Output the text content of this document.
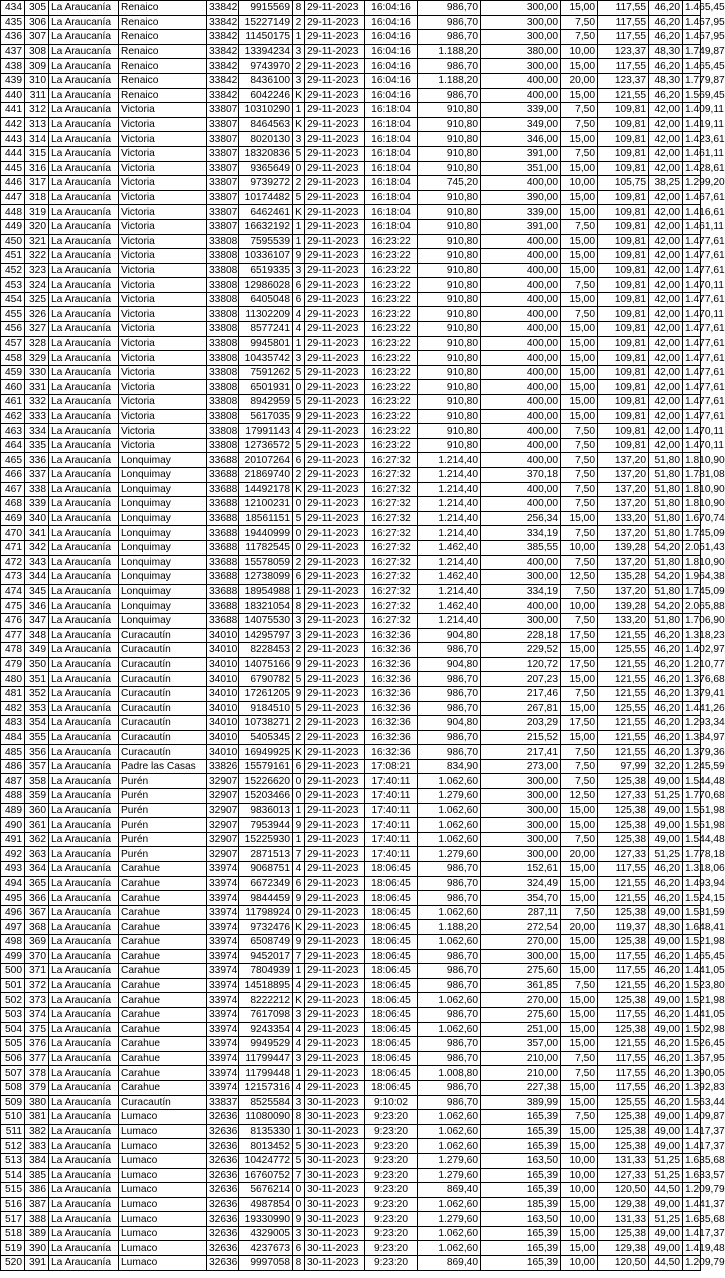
434	305	La Araucanía	Renaico	33842	9915569	8	29-11-2023	16:04:16	986,70	300,00	15,00	117,55	46,20	1.465,45
435	306	La Araucanía	Renaico	33842	15227149	2	29-11-2023	16:04:16	986,70	300,00	7,50	117,55	46,20	1.457,95
436	307	La Araucanía	Renaico	33842	11450175	1	29-11-2023	16:04:16	986,70	300,00	7,50	117,55	46,20	1.457,95
437	308	La Araucanía	Renaico	33842	13394234	3	29-11-2023	16:04:16	1.188,20	380,00	10,00	123,37	48,30	1.749,87
438	309	La Araucanía	Renaico	33842	9743970	2	29-11-2023	16:04:16	986,70	300,00	15,00	117,55	46,20	1.465,45
439	310	La Araucanía	Renaico	33842	8436100	3	29-11-2023	16:04:16	1.188,20	400,00	20,00	123,37	48,30	1.779,87
440	311	La Araucanía	Renaico	33842	6042246	K	29-11-2023	16:04:16	986,70	400,00	15,00	121,55	46,20	1.569,45
441	312	La Araucanía	Victoria	33807	10310290	1	29-11-2023	16:18:04	910,80	339,00	7,50	109,81	42,00	1.409,11
442	313	La Araucanía	Victoria	33807	8464563	K	29-11-2023	16:18:04	910,80	349,00	7,50	109,81	42,00	1.419,11
443	314	La Araucanía	Victoria	33807	8020130	3	29-11-2023	16:18:04	910,80	346,00	15,00	109,81	42,00	1.423,61
444	315	La Araucanía	Victoria	33807	18320836	5	29-11-2023	16:18:04	910,80	391,00	7,50	109,81	42,00	1.461,11
445	316	La Araucanía	Victoria	33807	9365649	0	29-11-2023	16:18:04	910,80	351,00	15,00	109,81	42,00	1.428,61
446	317	La Araucanía	Victoria	33807	9739272	2	29-11-2023	16:18:04	745,20	400,00	10,00	105,75	38,25	1.299,20
447	318	La Araucanía	Victoria	33807	10174482	5	29-11-2023	16:18:04	910,80	390,00	15,00	109,81	42,00	1.467,61
448	319	La Araucanía	Victoria	33807	6462461	K	29-11-2023	16:18:04	910,80	339,00	15,00	109,81	42,00	1.416,61
449	320	La Araucanía	Victoria	33807	16632192	1	29-11-2023	16:18:04	910,80	391,00	7,50	109,81	42,00	1.461,11
450	321	La Araucanía	Victoria	33808	7595539	1	29-11-2023	16:23:22	910,80	400,00	15,00	109,81	42,00	1.477,61
451	322	La Araucanía	Victoria	33808	10336107	9	29-11-2023	16:23:22	910,80	400,00	15,00	109,81	42,00	1.477,61
452	323	La Araucanía	Victoria	33808	6519335	3	29-11-2023	16:23:22	910,80	400,00	15,00	109,81	42,00	1.477,61
453	324	La Araucanía	Victoria	33808	12986028	6	29-11-2023	16:23:22	910,80	400,00	7,50	109,81	42,00	1.470,11
454	325	La Araucanía	Victoria	33808	6405048	6	29-11-2023	16:23:22	910,80	400,00	15,00	109,81	42,00	1.477,61
455	326	La Araucanía	Victoria	33808	11302209	4	29-11-2023	16:23:22	910,80	400,00	7,50	109,81	42,00	1.470,11
456	327	La Araucanía	Victoria	33808	8577241	4	29-11-2023	16:23:22	910,80	400,00	15,00	109,81	42,00	1.477,61
457	328	La Araucanía	Victoria	33808	9945801	1	29-11-2023	16:23:22	910,80	400,00	15,00	109,81	42,00	1.477,61
458	329	La Araucanía	Victoria	33808	10435742	3	29-11-2023	16:23:22	910,80	400,00	15,00	109,81	42,00	1.477,61
459	330	La Araucanía	Victoria	33808	7591262	5	29-11-2023	16:23:22	910,80	400,00	15,00	109,81	42,00	1.477,61
460	331	La Araucanía	Victoria	33808	6501931	0	29-11-2023	16:23:22	910,80	400,00	15,00	109,81	42,00	1.477,61
461	332	La Araucanía	Victoria	33808	8942959	5	29-11-2023	16:23:22	910,80	400,00	15,00	109,81	42,00	1.477,61
462	333	La Araucanía	Victoria	33808	5617035	9	29-11-2023	16:23:22	910,80	400,00	15,00	109,81	42,00	1.477,61
463	334	La Araucanía	Victoria	33808	17991143	4	29-11-2023	16:23:22	910,80	400,00	7,50	109,81	42,00	1.470,11
464	335	La Araucanía	Victoria	33808	12736572	5	29-11-2023	16:23:22	910,80	400,00	7,50	109,81	42,00	1.470,11
465	336	La Araucanía	Lonquimay	33688	20107264	6	29-11-2023	16:27:32	1.214,40	400,00	7,50	137,20	51,80	1.810,90
466	337	La Araucanía	Lonquimay	33688	21869740	2	29-11-2023	16:27:32	1.214,40	370,18	7,50	137,20	51,80	1.781,08
467	338	La Araucanía	Lonquimay	33688	14492178	K	29-11-2023	16:27:32	1.214,40	400,00	7,50	137,20	51,80	1.810,90
468	339	La Araucanía	Lonquimay	33688	12100231	0	29-11-2023	16:27:32	1.214,40	400,00	7,50	137,20	51,80	1.810,90
469	340	La Araucanía	Lonquimay	33688	18561151	5	29-11-2023	16:27:32	1.214,40	256,34	15,00	133,20	51,80	1.670,74
470	341	La Araucanía	Lonquimay	33688	19440999	0	29-11-2023	16:27:32	1.214,40	334,19	7,50	137,20	51,80	1.745,09
471	342	La Araucanía	Lonquimay	33688	11782545	0	29-11-2023	16:27:32	1.462,40	385,55	10,00	139,28	54,20	2.051,43
472	343	La Araucanía	Lonquimay	33688	15578059	2	29-11-2023	16:27:32	1.214,40	400,00	7,50	137,20	51,80	1.810,90
473	344	La Araucanía	Lonquimay	33688	12738099	6	29-11-2023	16:27:32	1.462,40	300,00	12,50	135,28	54,20	1.964,38
474	345	La Araucanía	Lonquimay	33688	18954988	1	29-11-2023	16:27:32	1.214,40	334,19	7,50	137,20	51,80	1.745,09
475	346	La Araucanía	Lonquimay	33688	18321054	8	29-11-2023	16:27:32	1.462,40	400,00	10,00	139,28	54,20	2.065,88
476	347	La Araucanía	Lonquimay	33688	14075530	3	29-11-2023	16:27:32	1.214,40	300,00	7,50	133,20	51,80	1.706,90
477	348	La Araucanía	Curacautín	34010	14295797	3	29-11-2023	16:32:36	904,80	228,18	17,50	121,55	46,20	1.318,23
478	349	La Araucanía	Curacautín	34010	8228453	2	29-11-2023	16:32:36	986,70	229,52	15,00	125,55	46,20	1.402,97
479	350	La Araucanía	Curacautín	34010	14075166	9	29-11-2023	16:32:36	904,80	120,72	17,50	121,55	46,20	1.210,77
480	351	La Araucanía	Curacautín	34010	6790782	5	29-11-2023	16:32:36	986,70	207,23	15,00	121,55	46,20	1.376,68
481	352	La Araucanía	Curacautín	34010	17261205	9	29-11-2023	16:32:36	986,70	217,46	7,50	121,55	46,20	1.379,41
482	353	La Araucanía	Curacautín	34010	9184510	5	29-11-2023	16:32:36	986,70	267,81	15,00	125,55	46,20	1.441,26
483	354	La Araucanía	Curacautín	34010	10738271	2	29-11-2023	16:32:36	904,80	203,29	17,50	121,55	46,20	1.293,34
484	355	La Araucanía	Curacautín	34010	5405345	2	29-11-2023	16:32:36	986,70	215,52	15,00	121,55	46,20	1.384,97
485	356	La Araucanía	Curacautín	34010	16949925	K	29-11-2023	16:32:36	986,70	217,41	7,50	121,55	46,20	1.379,36
486	357	La Araucanía	Padre las Casas	33826	15579161	6	29-11-2023	17:08:21	834,90	273,00	7,50	97,99	32,20	1.245,59
487	358	La Araucanía	Purén	32907	15226620	0	29-11-2023	17:40:11	1.062,60	300,00	7,50	125,38	49,00	1.544,48
488	359	La Araucanía	Purén	32907	15203466	0	29-11-2023	17:40:11	1.279,60	300,00	12,50	127,33	51,25	1.770,68
489	360	La Araucanía	Purén	32907	9836013	1	29-11-2023	17:40:11	1.062,60	300,00	15,00	125,38	49,00	1.551,98
490	361	La Araucanía	Purén	32907	7953944	9	29-11-2023	17:40:11	1.062,60	300,00	15,00	125,38	49,00	1.551,98
491	362	La Araucanía	Purén	32907	15225930	1	29-11-2023	17:40:11	1.062,60	300,00	7,50	125,38	49,00	1.544,48
492	363	La Araucanía	Purén	32907	2871513	7	29-11-2023	17:40:11	1.279,60	300,00	20,00	127,33	51,25	1.778,18
493	364	La Araucanía	Carahue	33974	9068751	4	29-11-2023	18:06:45	986,70	152,61	15,00	117,55	46,20	1.318,06
494	365	La Araucanía	Carahue	33974	6672349	6	29-11-2023	18:06:45	986,70	324,49	15,00	121,55	46,20	1.493,94
495	366	La Araucanía	Carahue	33974	9844459	9	29-11-2023	18:06:45	986,70	354,70	15,00	121,55	46,20	1.524,15
496	367	La Araucanía	Carahue	33974	11798924	0	29-11-2023	18:06:45	1.062,60	287,11	7,50	125,38	49,00	1.531,59
497	368	La Araucanía	Carahue	33974	9732476	K	29-11-2023	18:06:45	1.188,20	272,54	20,00	119,37	48,30	1.648,41
498	369	La Araucanía	Carahue	33974	6508749	9	29-11-2023	18:06:45	1.062,60	270,00	15,00	125,38	49,00	1.521,98
499	370	La Araucanía	Carahue	33974	9452017	7	29-11-2023	18:06:45	986,70	300,00	15,00	117,55	46,20	1.465,45
500	371	La Araucanía	Carahue	33974	7804939	1	29-11-2023	18:06:45	986,70	275,60	15,00	117,55	46,20	1.441,05
501	372	La Araucanía	Carahue	33974	14518895	4	29-11-2023	18:06:45	986,70	361,85	7,50	121,55	46,20	1.523,80
502	373	La Araucanía	Carahue	33974	8222212	K	29-11-2023	18:06:45	1.062,60	270,00	15,00	125,38	49,00	1.521,98
503	374	La Araucanía	Carahue	33974	7617098	3	29-11-2023	18:06:45	986,70	275,60	15,00	117,55	46,20	1.441,05
504	375	La Araucanía	Carahue	33974	9243354	4	29-11-2023	18:06:45	1.062,60	251,00	15,00	125,38	49,00	1.502,98
505	376	La Araucanía	Carahue	33974	9949529	4	29-11-2023	18:06:45	986,70	357,00	15,00	121,55	46,20	1.526,45
506	377	La Araucanía	Carahue	33974	11799447	3	29-11-2023	18:06:45	986,70	210,00	7,50	117,55	46,20	1.367,95
507	378	La Araucanía	Carahue	33974	11799448	1	29-11-2023	18:06:45	1.008,80	210,00	7,50	117,55	46,20	1.390,05
508	379	La Araucanía	Carahue	33974	12157316	4	29-11-2023	18:06:45	986,70	227,38	15,00	117,55	46,20	1.392,83
509	380	La Araucanía	Curacautín	33837	8525584	3	30-11-2023	9:10:02	986,70	389,99	15,00	125,55	46,20	1.563,44
510	381	La Araucanía	Lumaco	32636	11080090	8	30-11-2023	9:23:20	1.062,60	165,39	7,50	125,38	49,00	1.409,87
511	382	La Araucanía	Lumaco	32636	8135330	1	30-11-2023	9:23:20	1.062,60	165,39	15,00	125,38	49,00	1.417,37
512	383	La Araucanía	Lumaco	32636	8013452	5	30-11-2023	9:23:20	1.062,60	165,39	15,00	125,38	49,00	1.417,37
513	384	La Araucanía	Lumaco	32636	10424772	5	30-11-2023	9:23:20	1.279,60	163,50	10,00	131,33	51,25	1.635,68
514	385	La Araucanía	Lumaco	32636	16760752	7	30-11-2023	9:23:20	1.279,60	165,39	10,00	127,33	51,25	1.633,57
515	386	La Araucanía	Lumaco	32636	5676214	0	30-11-2023	9:23:20	869,40	165,39	10,00	120,50	44,50	1.209,79
516	387	La Araucanía	Lumaco	32636	4987854	0	30-11-2023	9:23:20	1.062,60	185,39	15,00	129,38	49,00	1.441,37
517	388	La Araucanía	Lumaco	32636	19330990	9	30-11-2023	9:23:20	1.279,60	163,50	10,00	131,33	51,25	1.635,68
518	389	La Araucanía	Lumaco	32636	4329005	3	30-11-2023	9:23:20	1.062,60	165,39	15,00	125,38	49,00	1.417,37
519	390	La Araucanía	Lumaco	32636	4237673	6	30-11-2023	9:23:20	1.062,60	165,39	15,00	129,38	49,00	1.419,48
520	391	La Araucanía	Lumaco	32636	9997058	8	30-11-2023	9:23:20	869,40	165,39	10,00	120,50	44,50	1.209,79
